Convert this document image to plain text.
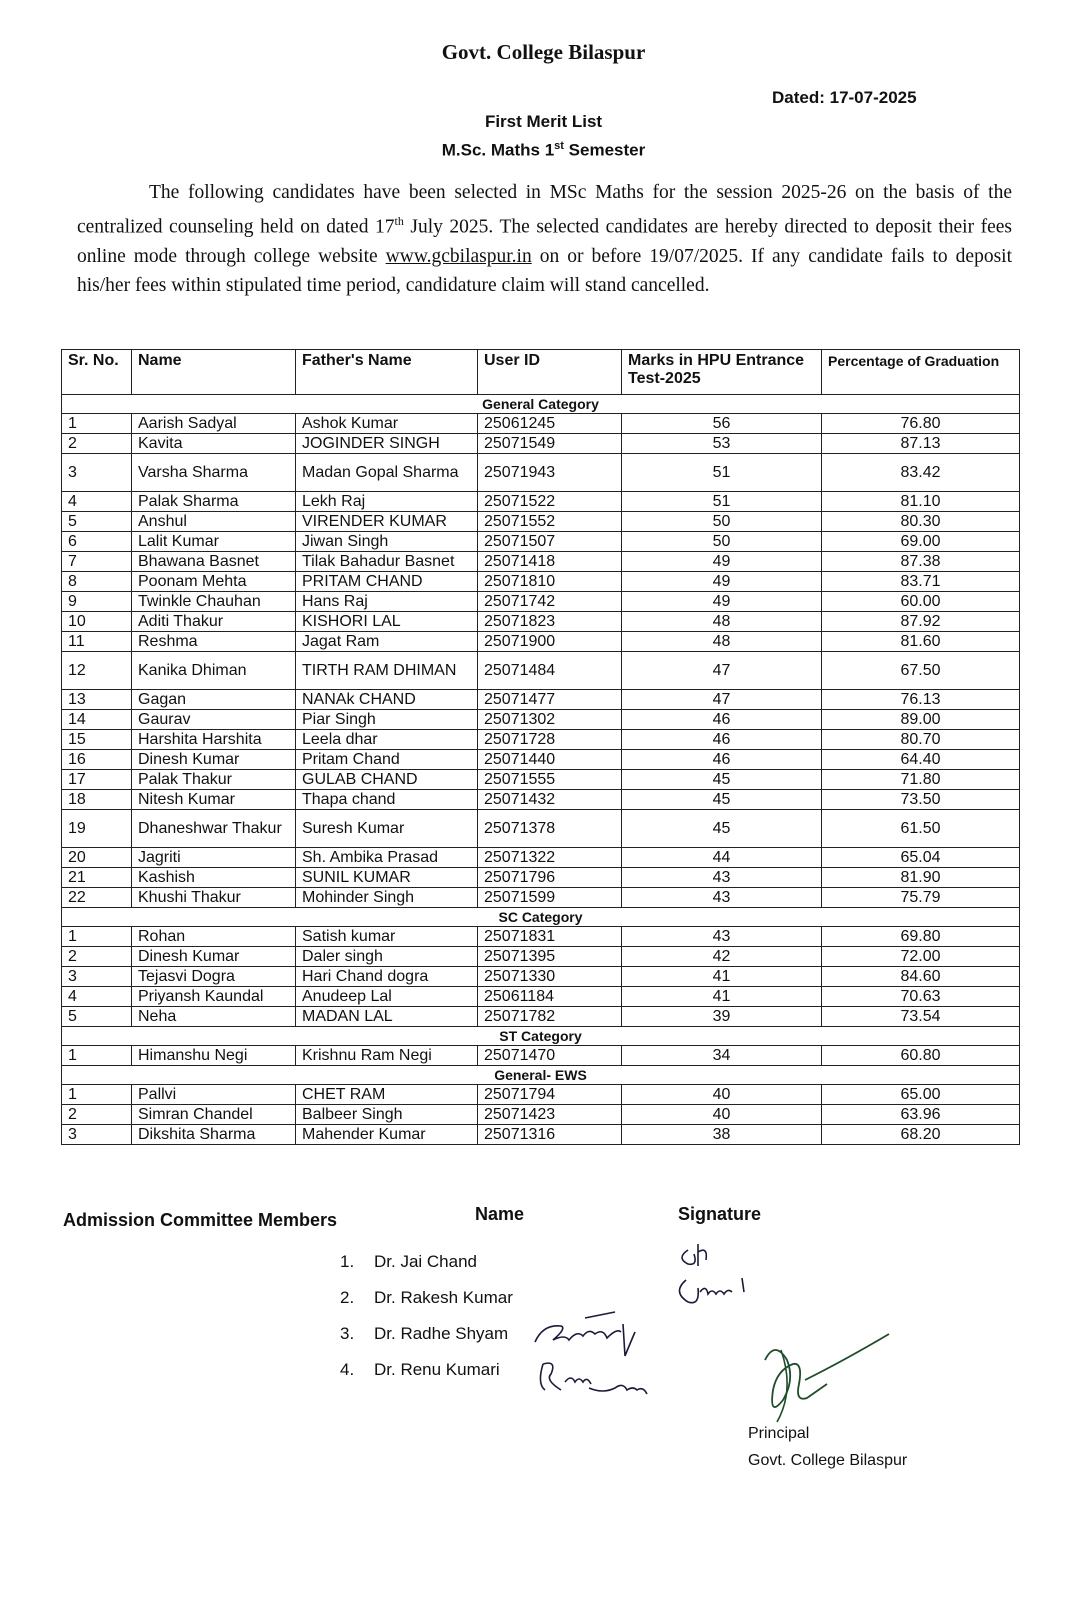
Govt. College Bilaspur
Dated: 17-07-2025
First Merit List
M.Sc. Maths 1st Semester
The following candidates have been selected in MSc Maths for the session 2025-26 on the basis of the centralized counseling held on dated 17th July 2025. The selected candidates are hereby directed to deposit their fees online mode through college website www.gcbilaspur.in on or before 19/07/2025. If any candidate fails to deposit his/her fees within stipulated time period, candidature claim will stand cancelled.
Sr. No.	Name	Father's Name	User ID	Marks in HPU Entrance Test-2025	Percentage of Graduation
General Category					
1	Aarish Sadyal	Ashok Kumar	25061245	56	76.80
2	Kavita	JOGINDER SINGH	25071549	53	87.13
3	Varsha Sharma	Madan Gopal Sharma	25071943	51	83.42
4	Palak Sharma	Lekh Raj	25071522	51	81.10
5	Anshul	VIRENDER KUMAR	25071552	50	80.30
6	Lalit Kumar	Jiwan Singh	25071507	50	69.00
7	Bhawana Basnet	Tilak Bahadur Basnet	25071418	49	87.38
8	Poonam Mehta	PRITAM CHAND	25071810	49	83.71
9	Twinkle Chauhan	Hans Raj	25071742	49	60.00
10	Aditi Thakur	KISHORI LAL	25071823	48	87.92
11	Reshma	Jagat Ram	25071900	48	81.60
12	Kanika Dhiman	TIRTH RAM DHIMAN	25071484	47	67.50
13	Gagan	NANAk CHAND	25071477	47	76.13
14	Gaurav	Piar Singh	25071302	46	89.00
15	Harshita Harshita	Leela dhar	25071728	46	80.70
16	Dinesh Kumar	Pritam Chand	25071440	46	64.40
17	Palak Thakur	GULAB CHAND	25071555	45	71.80
18	Nitesh Kumar	Thapa chand	25071432	45	73.50
19	Dhaneshwar Thakur	Suresh Kumar	25071378	45	61.50
20	Jagriti	Sh. Ambika Prasad	25071322	44	65.04
21	Kashish	SUNIL KUMAR	25071796	43	81.90
22	Khushi Thakur	Mohinder Singh	25071599	43	75.79
SC Category					
1	Rohan	Satish kumar	25071831	43	69.80
2	Dinesh Kumar	Daler singh	25071395	42	72.00
3	Tejasvi Dogra	Hari Chand dogra	25071330	41	84.60
4	Priyansh Kaundal	Anudeep Lal	25061184	41	70.63
5	Neha	MADAN LAL	25071782	39	73.54
ST Category					
1	Himanshu Negi	Krishnu Ram Negi	25071470	34	60.80
General- EWS					
1	Pallvi	CHET RAM	25071794	40	65.00
2	Simran Chandel	Balbeer Singh	25071423	40	63.96
3	Dikshita Sharma	Mahender Kumar	25071316	38	68.20
Admission Committee Members	Name	Signature
1.	Dr. Jai Chand
2.	Dr. Rakesh Kumar
3.	Dr. Radhe Shyam
4.	Dr. Renu Kumari
Principal
Govt. College Bilaspur
